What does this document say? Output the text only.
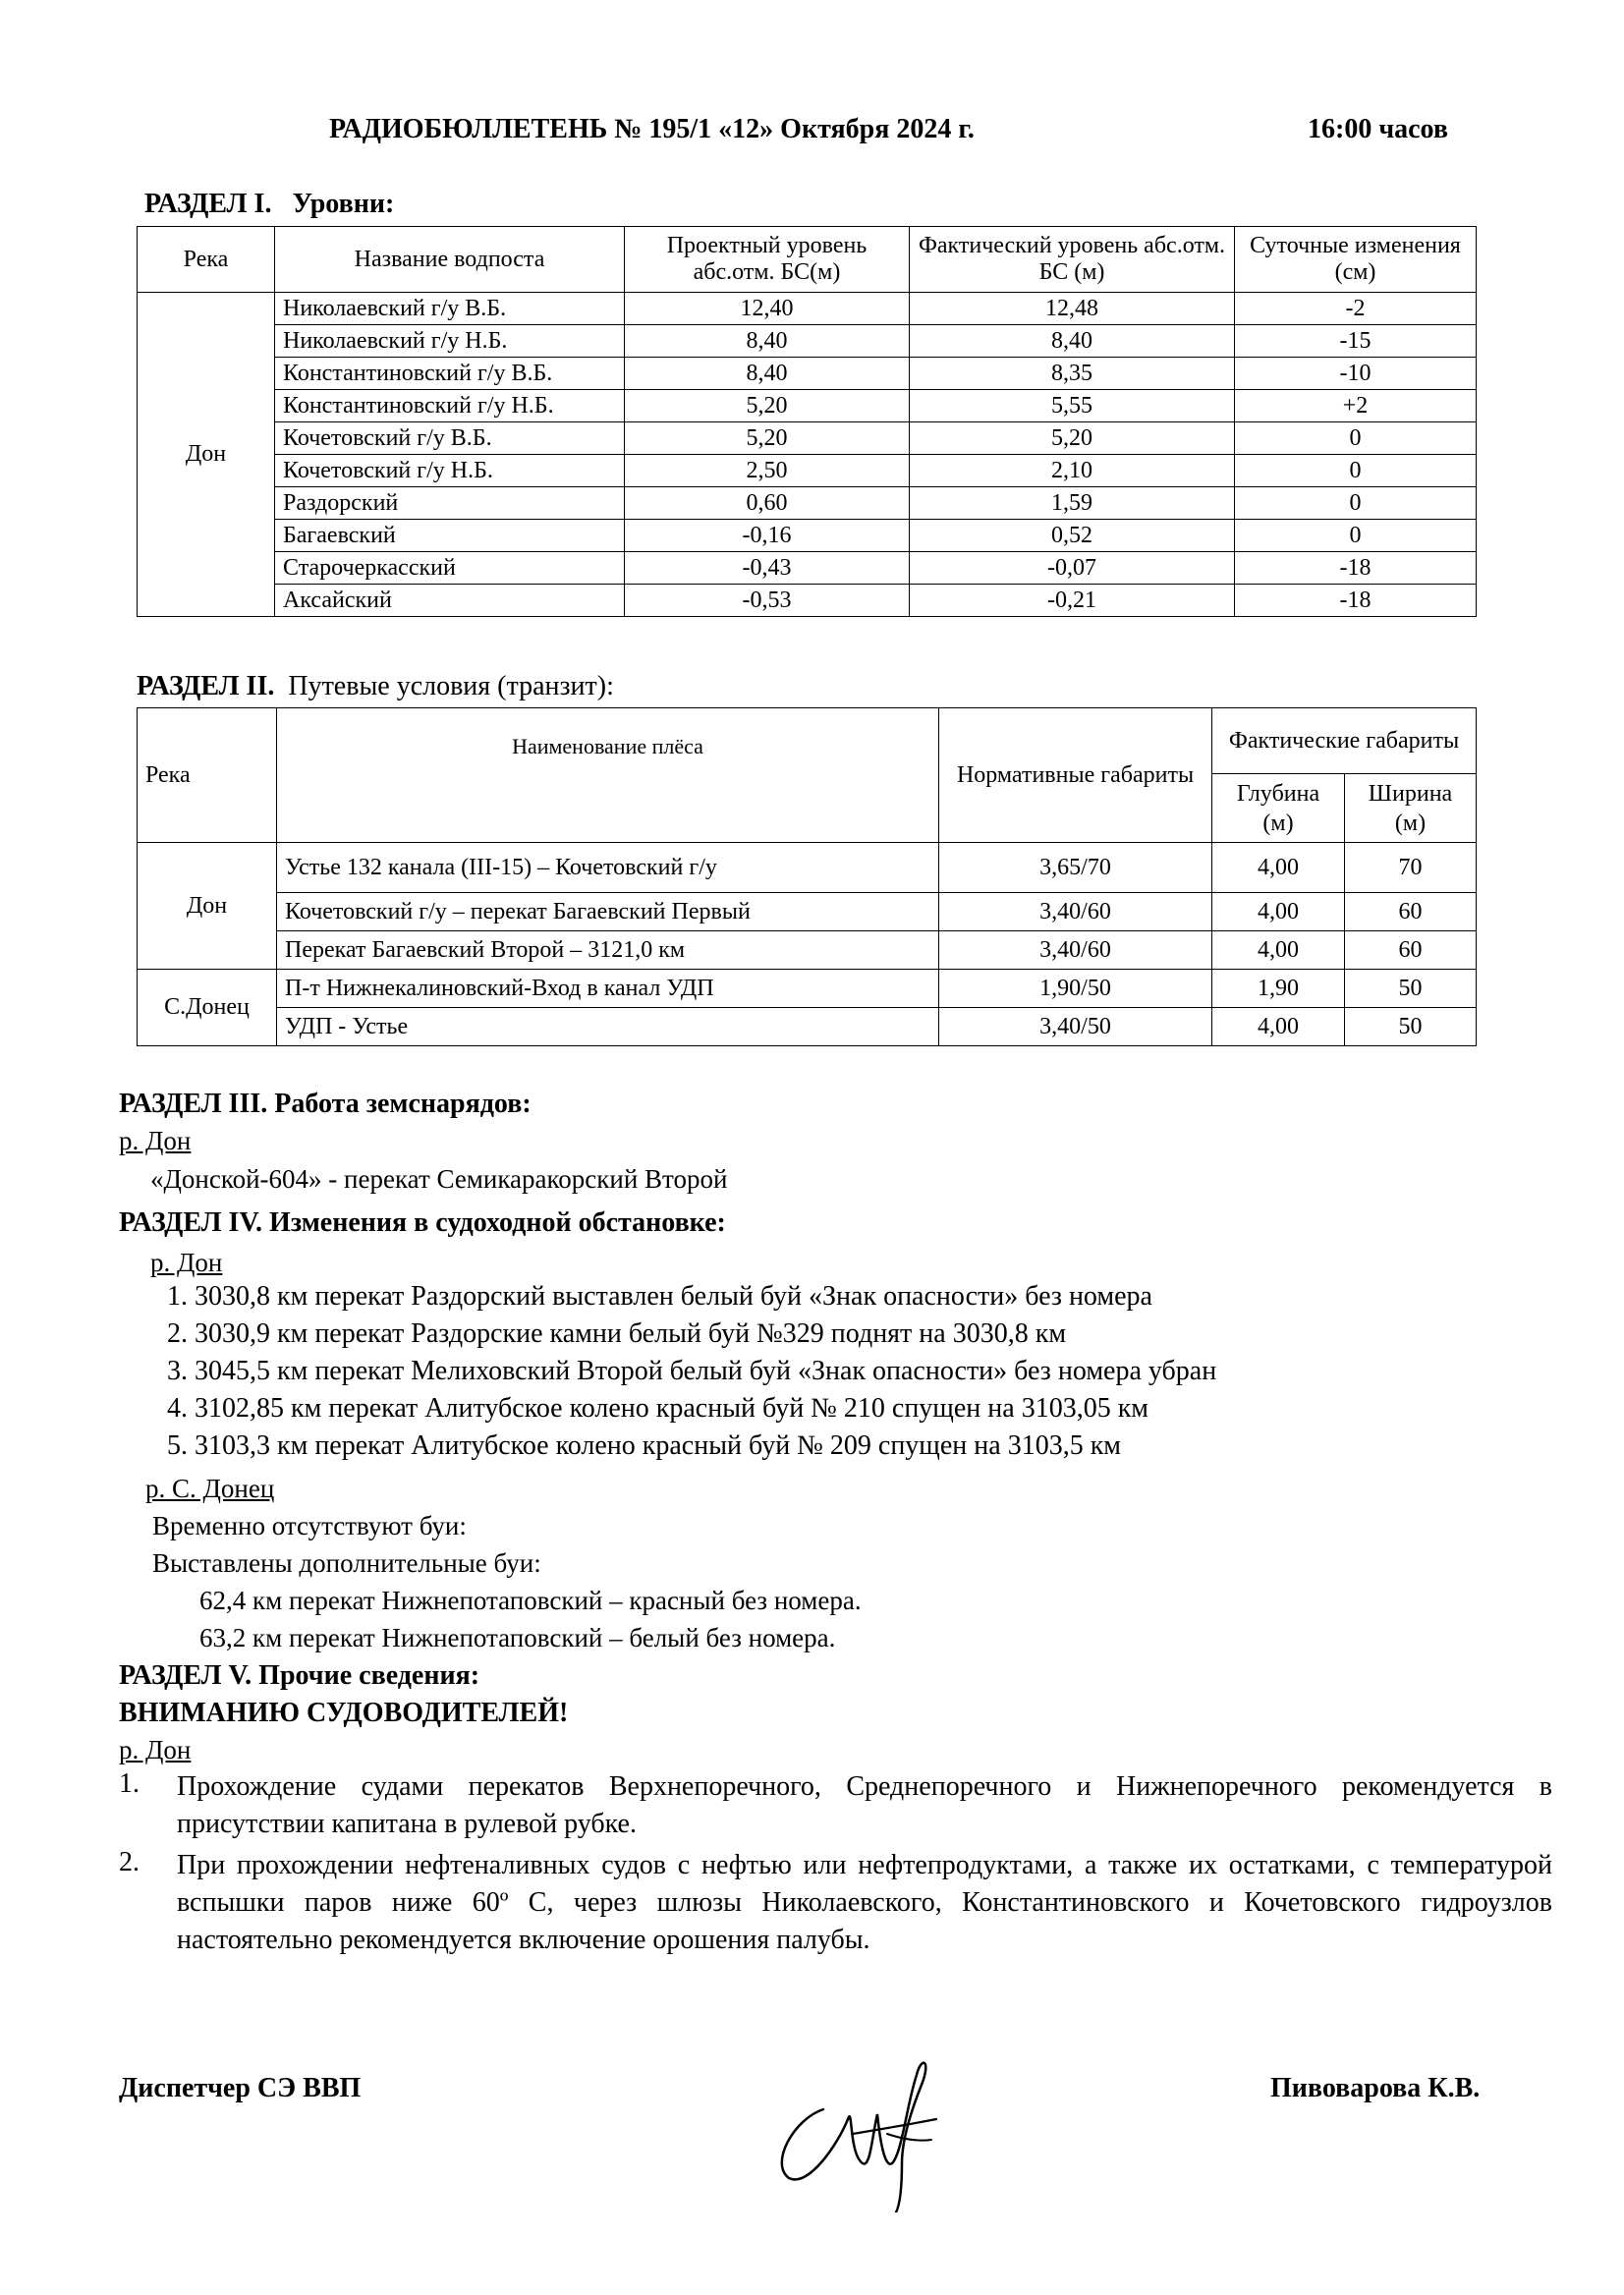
РАДИОБЮЛЛЕТЕНЬ № 195/1 «12» Октября 2024 г.	16:00 часов
РАЗДЕЛ I. Уровни:
Река	Название водпоста	Проектный уровень абс.отм. БС(м)	Фактический уровень абс.отм. БС (м)	Суточные изменения (см)
Дон	Николаевский г/у В.Б.	12,40	12,48	-2
	Николаевский г/у Н.Б.	8,40	8,40	-15
	Константиновский г/у В.Б.	8,40	8,35	-10
	Константиновский г/у Н.Б.	5,20	5,55	+2
	Кочетовский г/у В.Б.	5,20	5,20	0
	Кочетовский г/у Н.Б.	2,50	2,10	0
	Раздорский	0,60	1,59	0
	Багаевский	-0,16	0,52	0
	Старочеркасский	-0,43	-0,07	-18
	Аксайский	-0,53	-0,21	-18
РАЗДЕЛ II. Путевые условия (транзит):
Река	Наименование плёса	Нормативные габариты	Фактические габариты	
			Глубина (м)	Ширина (м)
Дон	Устье 132 канала (III-15) – Кочетовский г/у	3,65/70	4,00	70
	Кочетовский г/у – перекат Багаевский Первый	3,40/60	4,00	60
	Перекат Багаевский Второй – 3121,0 км	3,40/60	4,00	60
С.Донец	П-т Нижнекалиновский-Вход в канал УДП	1,90/50	1,90	50
	УДП - Устье	3,40/50	4,00	50
РАЗДЕЛ III. Работа земснарядов:
р. Дон
«Донской-604» - перекат Семикаракорский Второй
РАЗДЕЛ IV. Изменения в судоходной обстановке:
р. Дон
1. 3030,8 км перекат Раздорский выставлен белый буй «Знак опасности» без номера
2. 3030,9 км перекат Раздорские камни белый буй №329 поднят на 3030,8 км
3. 3045,5 км перекат Мелиховский Второй белый буй «Знак опасности» без номера убран
4. 3102,85 км перекат Алитубское колено красный буй № 210 спущен на 3103,05 км
5. 3103,3 км перекат Алитубское колено красный буй № 209 спущен на 3103,5 км
р. С. Донец
Временно отсутствуют буи:
Выставлены дополнительные буи:
62,4 км перекат Нижнепотаповский – красный без номера.
63,2 км перекат Нижнепотаповский – белый без номера.
РАЗДЕЛ V. Прочие сведения:
ВНИМАНИЮ СУДОВОДИТЕЛЕЙ!
р. Дон
1. Прохождение судами перекатов Верхнепоречного, Среднепоречного и Нижнепоречного рекомендуется в присутствии капитана в рулевой рубке.
2. При прохождении нефтеналивных судов с нефтью или нефтепродуктами, а также их остатками, с температурой вспышки паров ниже 60º С, через шлюзы Николаевского, Константиновского и Кочетовского гидроузлов настоятельно рекомендуется включение орошения палубы.
Диспетчер СЭ ВВП	Пивоварова К.В.
